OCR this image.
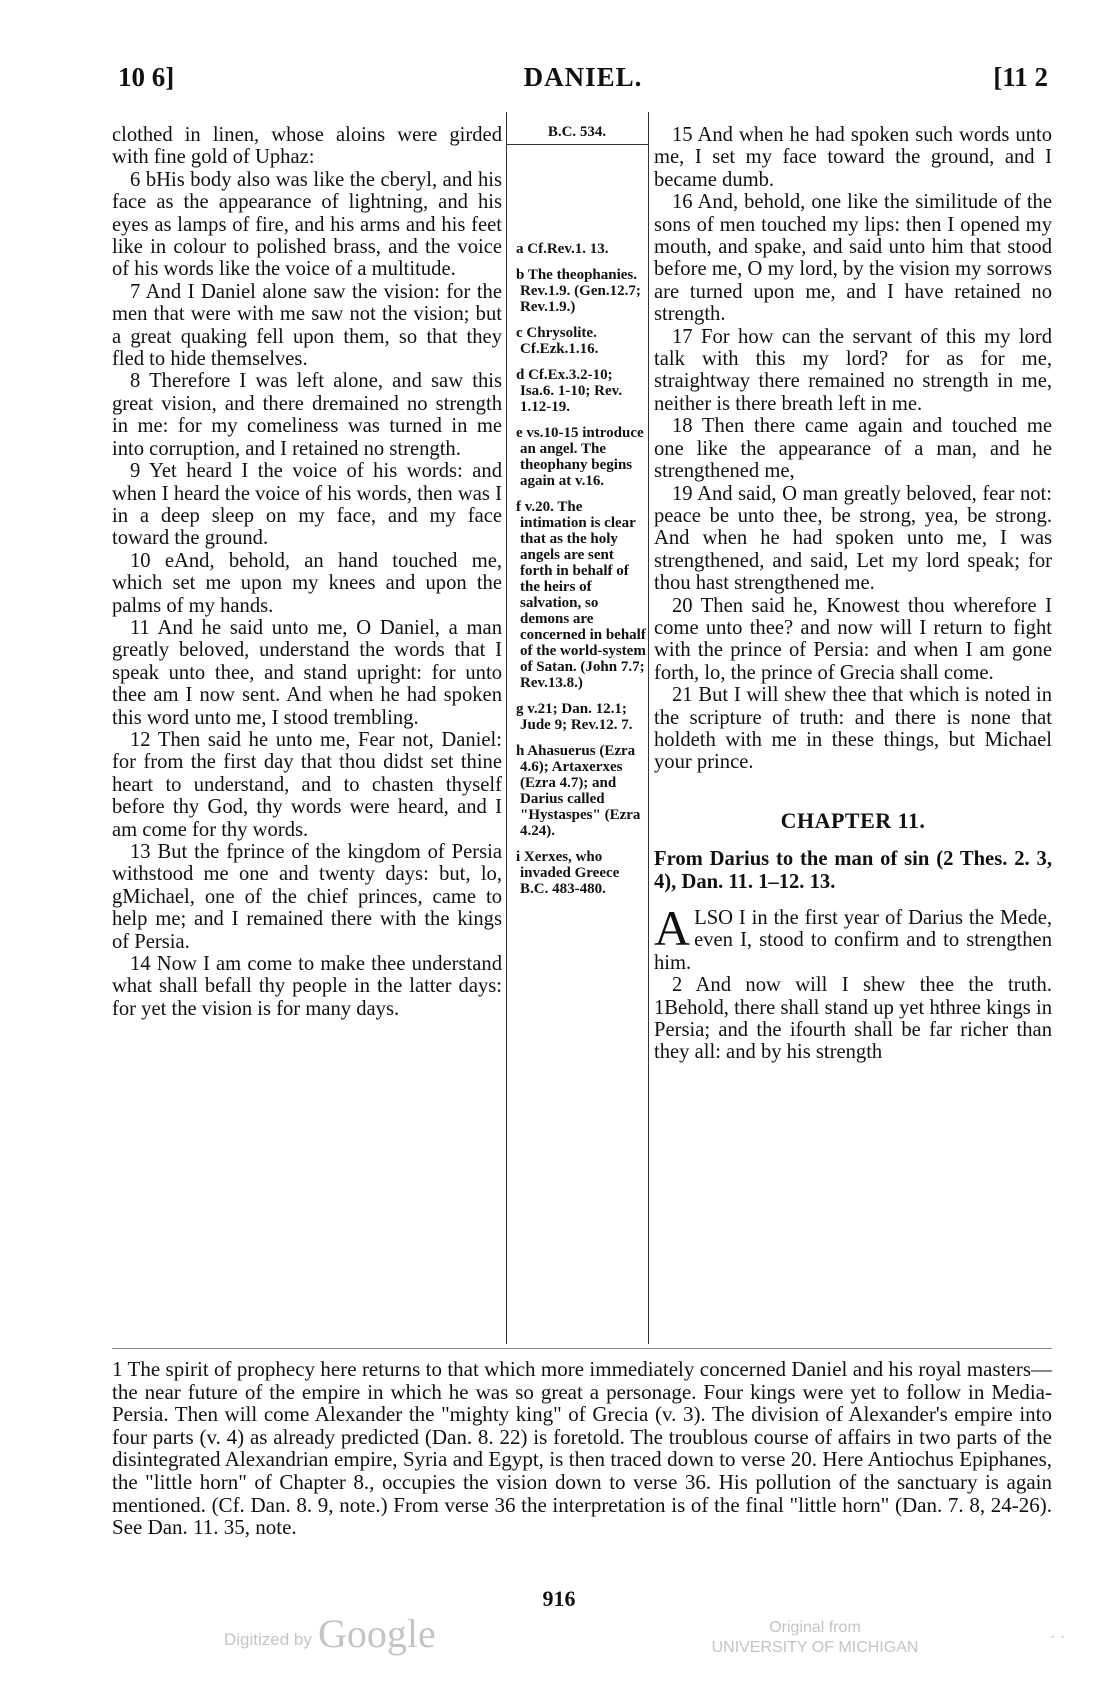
10 6]	DANIEL.	[11 2

clothed in linen, whose aloins were girded with fine gold of Uphaz:

6 bHis body also was like the cberyl, and his face as the appearance of lightning, and his eyes as lamps of fire, and his arms and his feet like in colour to polished brass, and the voice of his words like the voice of a multitude.

7 And I Daniel alone saw the vision: for the men that were with me saw not the vision; but a great quaking fell upon them, so that they fled to hide themselves.

8 Therefore I was left alone, and saw this great vision, and there dremained no strength in me: for my comeliness was turned in me into corruption, and I retained no strength.

9 Yet heard I the voice of his words: and when I heard the voice of his words, then was I in a deep sleep on my face, and my face toward the ground.

10 eAnd, behold, an hand touched me, which set me upon my knees and upon the palms of my hands.

11 And he said unto me, O Daniel, a man greatly beloved, understand the words that I speak unto thee, and stand upright: for unto thee am I now sent. And when he had spoken this word unto me, I stood trembling.

12 Then said he unto me, Fear not, Daniel: for from the first day that thou didst set thine heart to understand, and to chasten thyself before thy God, thy words were heard, and I am come for thy words.

13 But the fprince of the kingdom of Persia withstood me one and twenty days: but, lo, gMichael, one of the chief princes, came to help me; and I remained there with the kings of Persia.

14 Now I am come to make thee understand what shall befall thy people in the latter days: for yet the vision is for many days.

B.C. 534.

a Cf.Rev.1. 13.

b The theophanies. Rev.1.9. (Gen.12.7; Rev.1.9.)

c Chrysolite. Cf.Ezk.1.16.

d Cf.Ex.3.2-10; Isa.6. 1-10; Rev. 1.12-19.

e vs.10-15 introduce an angel. The theophany begins again at v.16.

f v.20. The intimation is clear that as the holy angels are sent forth in behalf of the heirs of salvation, so demons are concerned in behalf of the world-system of Satan. (John 7.7; Rev.13.8.)

g v.21; Dan. 12.1; Jude 9; Rev.12. 7.

h Ahasuerus (Ezra 4.6); Artaxerxes (Ezra 4.7); and Darius called "Hystaspes" (Ezra 4.24).

i Xerxes, who invaded Greece B.C. 483-480.

15 And when he had spoken such words unto me, I set my face toward the ground, and I became dumb.

16 And, behold, one like the similitude of the sons of men touched my lips: then I opened my mouth, and spake, and said unto him that stood before me, O my lord, by the vision my sorrows are turned upon me, and I have retained no strength.

17 For how can the servant of this my lord talk with this my lord? for as for me, straightway there remained no strength in me, neither is there breath left in me.

18 Then there came again and touched me one like the appearance of a man, and he strengthened me,

19 And said, O man greatly beloved, fear not: peace be unto thee, be strong, yea, be strong. And when he had spoken unto me, I was strengthened, and said, Let my lord speak; for thou hast strengthened me.

20 Then said he, Knowest thou wherefore I come unto thee? and now will I return to fight with the prince of Persia: and when I am gone forth, lo, the prince of Grecia shall come.

21 But I will shew thee that which is noted in the scripture of truth: and there is none that holdeth with me in these things, but Michael your prince.

CHAPTER 11.

From Darius to the man of sin (2 Thes. 2. 3, 4), Dan. 11. 1–12. 13.

ALSO I in the first year of Darius the Mede, even I, stood to confirm and to strengthen him.

2 And now will I shew thee the truth. 1Behold, there shall stand up yet hthree kings in Persia; and the ifourth shall be far richer than they all: and by his strength

1 The spirit of prophecy here returns to that which more immediately concerned Daniel and his royal masters—the near future of the empire in which he was so great a personage. Four kings were yet to follow in Media-Persia. Then will come Alexander the "mighty king" of Grecia (v. 3). The division of Alexander's empire into four parts (v. 4) as already predicted (Dan. 8. 22) is foretold. The troublous course of affairs in two parts of the disintegrated Alexandrian empire, Syria and Egypt, is then traced down to verse 20. Here Antiochus Epiphanes, the "little horn" of Chapter 8., occupies the vision down to verse 36. His pollution of the sanctuary is again mentioned. (Cf. Dan. 8. 9, note.) From verse 36 the interpretation is of the final "little horn" (Dan. 7. 8, 24-26). See Dan. 11. 35, note.

916
Digitized by Google	Original from
UNIVERSITY OF MICHIGAN
· ·
